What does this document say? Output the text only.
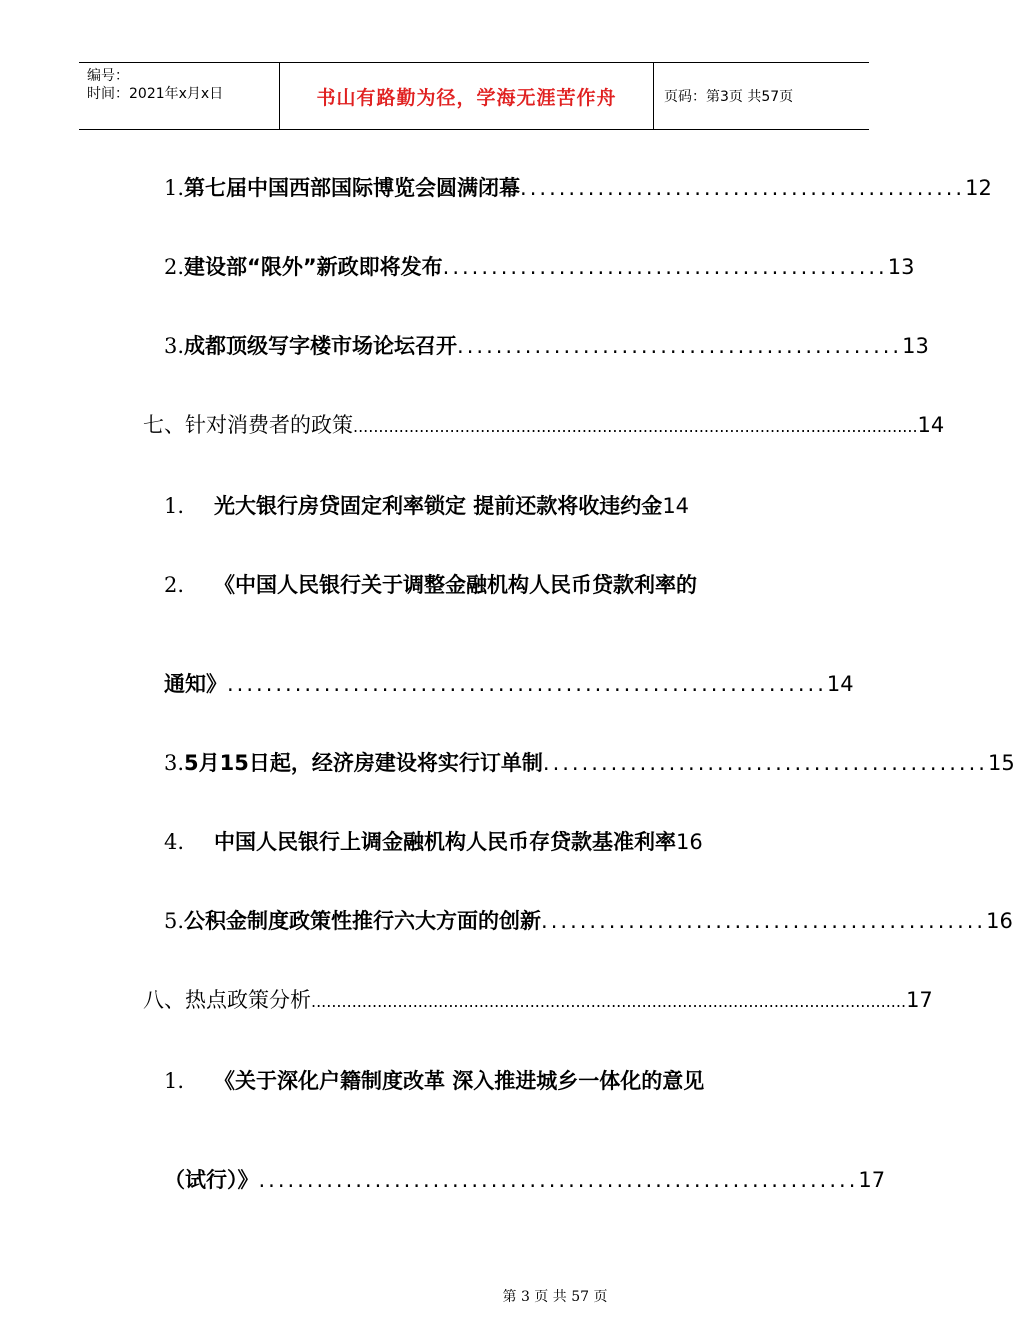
编号：
时间：2021年x月x日	书山有路勤为径，学海无涯苦作舟	页码：第3页 共57页
1. 第七届中国西部国际博览会圆满闭幕 .............................................. 12
2. 建设部“限外”新政即将发布 .............................................. 13
3. 成都顶级写字楼市场论坛召开 .............................................. 13
七、 针对消费者的政策 ............................................................................................................... 14
1.	光大银行房贷固定利率锁定 提前还款将收违约金 14
2.	《中国人民银行关于调整金融机构人民币贷款利率的
通知》 .............................................................. 14
3. 5月15日起，经济房建设将实行订单制 .............................................. 15
4.	中国人民银行上调金融机构人民币存贷款基准利率 16
5. 公积金制度政策性推行六大方面的创新 .............................................. 16
八、 热点政策分析 ..................................................................................................................... 17
1.	《关于深化户籍制度改革 深入推进城乡一体化的意见
（试行）》 .............................................................. 17
第 3 页 共 57 页
